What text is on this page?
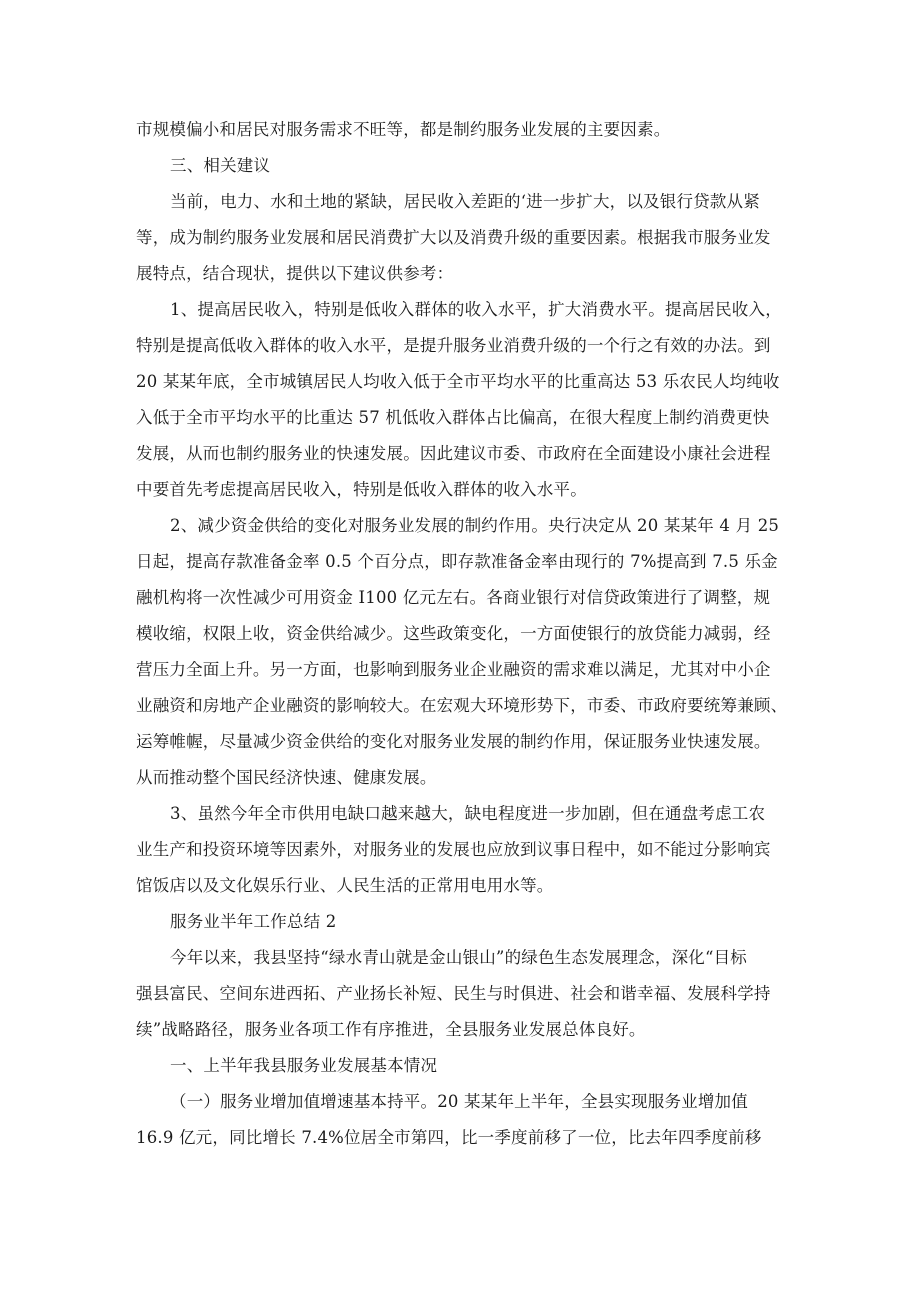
市规模偏小和居民对服务需求不旺等，都是制约服务业发展的主要因素。
三、相关建议
当前，电力、水和土地的紧缺，居民收入差距的‘进一步扩大，以及银行贷款从紧
等，成为制约服务业发展和居民消费扩大以及消费升级的重要因素。根据我市服务业发
展特点，结合现状，提供以下建议供参考：
1、提高居民收入，特别是低收入群体的收入水平，扩大消费水平。提高居民收入，
特别是提高低收入群体的收入水平，是提升服务业消费升级的一个行之有效的办法。到
20 某某年底，全市城镇居民人均收入低于全市平均水平的比重高达 53 乐农民人均纯收
入低于全市平均水平的比重达 57 机低收入群体占比偏高，在很大程度上制约消费更快
发展，从而也制约服务业的快速发展。因此建议市委、市政府在全面建设小康社会进程
中要首先考虑提高居民收入，特别是低收入群体的收入水平。
2、减少资金供给的变化对服务业发展的制约作用。央行决定从 20 某某年 4 月 25
日起，提高存款准备金率 0.5 个百分点，即存款准备金率由现行的 7%提高到 7.5 乐金
融机构将一次性减少可用资金 I100 亿元左右。各商业银行对信贷政策进行了调整，规
模收缩，权限上收，资金供给减少。这些政策变化，一方面使银行的放贷能力减弱，经
营压力全面上升。另一方面，也影响到服务业企业融资的需求难以满足，尤其对中小企
业融资和房地产企业融资的影响较大。在宏观大环境形势下，市委、市政府要统筹兼顾、
运筹帷幄，尽量减少资金供给的变化对服务业发展的制约作用，保证服务业快速发展。
从而推动整个国民经济快速、健康发展。
3、虽然今年全市供用电缺口越来越大，缺电程度进一步加剧，但在通盘考虑工农
业生产和投资环境等因素外，对服务业的发展也应放到议事日程中，如不能过分影响宾
馆饭店以及文化娱乐行业、人民生活的正常用电用水等。
服务业半年工作总结 2
今年以来，我县坚持“绿水青山就是金山银山”的绿色生态发展理念，深化“目标
强县富民、空间东进西拓、产业扬长补短、民生与时俱进、社会和谐幸福、发展科学持
续”战略路径，服务业各项工作有序推进，全县服务业发展总体良好。
一、上半年我县服务业发展基本情况
（一）服务业增加值增速基本持平。20 某某年上半年，全县实现服务业增加值
16.9 亿元，同比增长 7.4%位居全市第四，比一季度前移了一位，比去年四季度前移
